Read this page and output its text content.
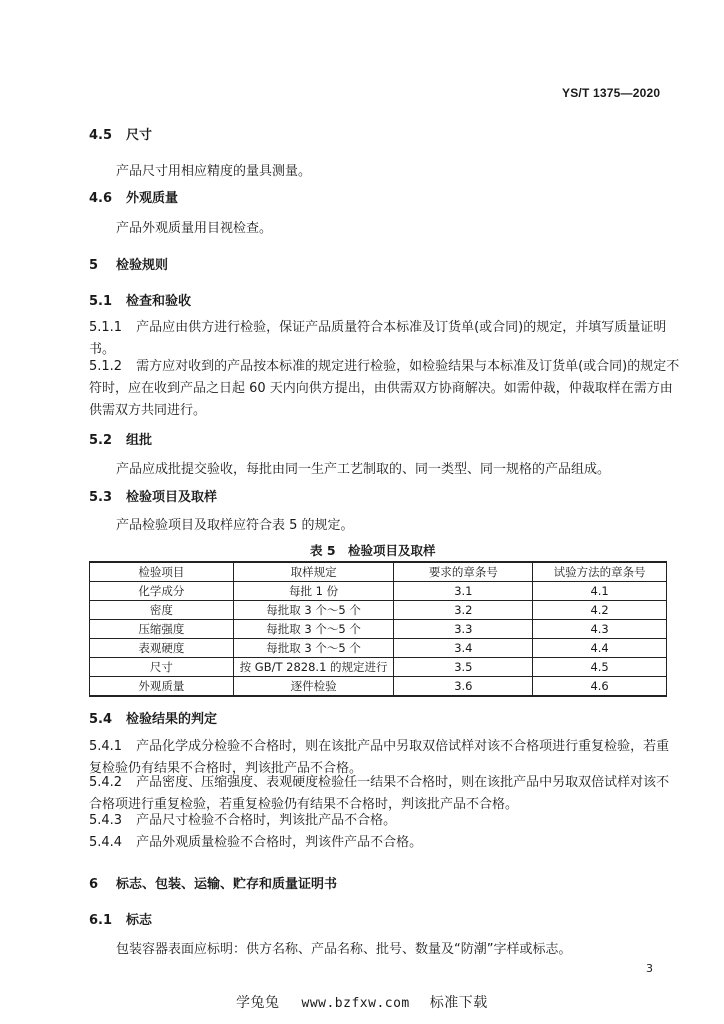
YS/T 1375—2020
4.5 尺寸
产品尺寸用相应精度的量具测量。
4.6 外观质量
产品外观质量用目视检查。
5 检验规则
5.1 检查和验收
5.1.1 产品应由供方进行检验，保证产品质量符合本标准及订货单(或合同)的规定，并填写质量证明书。
5.1.2 需方应对收到的产品按本标准的规定进行检验，如检验结果与本标准及订货单(或合同)的规定不符时，应在收到产品之日起 60 天内向供方提出，由供需双方协商解决。如需仲裁，仲裁取样在需方由供需双方共同进行。
5.2 组批
产品应成批提交验收，每批由同一生产工艺制取的、同一类型、同一规格的产品组成。
5.3 检验项目及取样
产品检验项目及取样应符合表 5 的规定。
表 5　检验项目及取样
检验项目	取样规定	要求的章条号	试验方法的章条号
化学成分	每批 1 份	3.1	4.1
密度	每批取 3 个～5 个	3.2	4.2
压缩强度	每批取 3 个～5 个	3.3	4.3
表观硬度	每批取 3 个～5 个	3.4	4.4
尺寸	按 GB/T 2828.1 的规定进行	3.5	4.5
外观质量	逐件检验	3.6	4.6
5.4 检验结果的判定
5.4.1 产品化学成分检验不合格时，则在该批产品中另取双倍试样对该不合格项进行重复检验，若重复检验仍有结果不合格时，判该批产品不合格。
5.4.2 产品密度、压缩强度、表观硬度检验任一结果不合格时，则在该批产品中另取双倍试样对该不合格项进行重复检验，若重复检验仍有结果不合格时，判该批产品不合格。
5.4.3 产品尺寸检验不合格时，判该批产品不合格。
5.4.4 产品外观质量检验不合格时，判该件产品不合格。
6 标志、包装、运输、贮存和质量证明书
6.1 标志
包装容器表面应标明：供方名称、产品名称、批号、数量及“防潮”字样或标志。
3
学兔兔 www.bzfxw.com 标准下载
